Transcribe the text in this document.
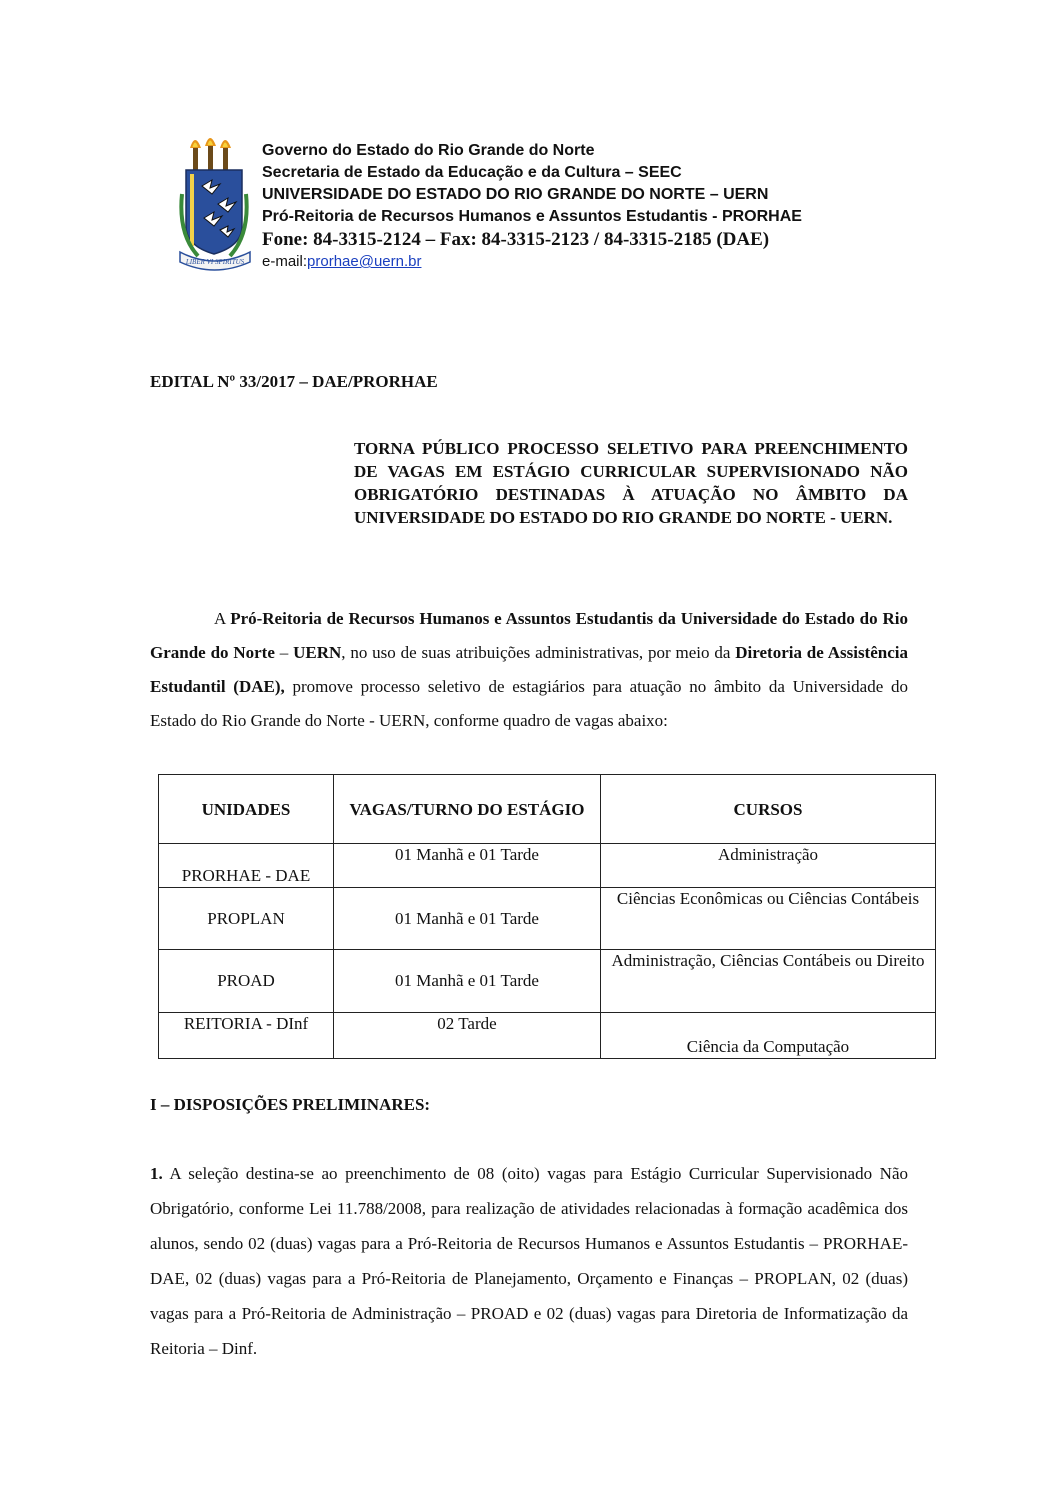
LIBER VI SPIRITUS
Governo do Estado do Rio Grande do Norte
Secretaria de Estado da Educação e da Cultura – SEEC
UNIVERSIDADE DO ESTADO DO RIO GRANDE DO NORTE – UERN
Pró-Reitoria de Recursos Humanos e Assuntos Estudantis - PRORHAE
Fone: 84-3315-2124 – Fax: 84-3315-2123 / 84-3315-2185 (DAE)
e-mail:prorhae@uern.br
EDITAL Nº 33/2017 – DAE/PRORHAE
TORNA PÚBLICO PROCESSO SELETIVO PARA PREENCHIMENTO DE VAGAS EM ESTÁGIO CURRICULAR SUPERVISIONADO NÃO OBRIGATÓRIO DESTINADAS À ATUAÇÃO NO ÂMBITO DA UNIVERSIDADE DO ESTADO DO RIO GRANDE DO NORTE - UERN.
A Pró-Reitoria de Recursos Humanos e Assuntos Estudantis da Universidade do Estado do Rio Grande do Norte – UERN, no uso de suas atribuições administrativas, por meio da Diretoria de Assistência Estudantil (DAE), promove processo seletivo de estagiários para atuação no âmbito da Universidade do Estado do Rio Grande do Norte - UERN, conforme quadro de vagas abaixo:
UNIDADES	VAGAS/TURNO DO ESTÁGIO	CURSOS
PRORHAE - DAE	01 Manhã e 01 Tarde	Administração
PROPLAN	01 Manhã e 01 Tarde	Ciências Econômicas ou Ciências Contábeis
PROAD	01 Manhã e 01 Tarde	Administração, Ciências Contábeis ou Direito
REITORIA - DInf	02 Tarde	Ciência da Computação
I – DISPOSIÇÕES PRELIMINARES:
1. A seleção destina-se ao preenchimento de 08 (oito) vagas para Estágio Curricular Supervisionado Não Obrigatório, conforme Lei 11.788/2008, para realização de atividades relacionadas à formação acadêmica dos alunos, sendo 02 (duas) vagas para a Pró-Reitoria de Recursos Humanos e Assuntos Estudantis – PRORHAE-DAE, 02 (duas) vagas para a Pró-Reitoria de Planejamento, Orçamento e Finanças – PROPLAN, 02 (duas) vagas para a Pró-Reitoria de Administração – PROAD e 02 (duas) vagas para Diretoria de Informatização da Reitoria – Dinf.
